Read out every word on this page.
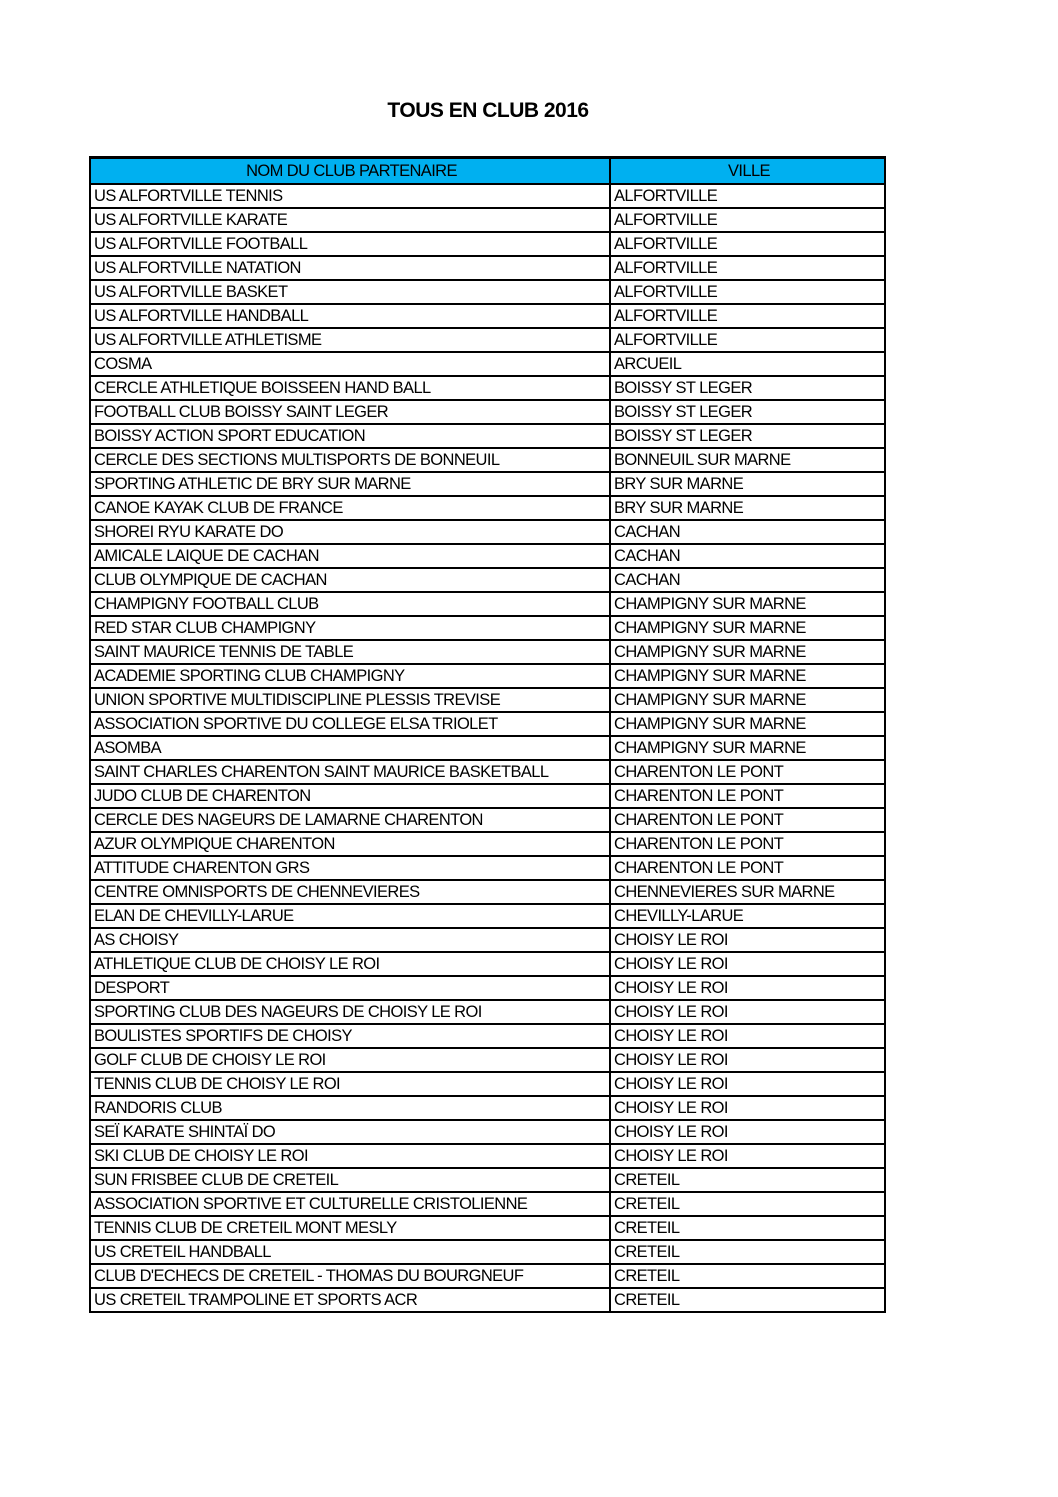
TOUS EN CLUB 2016
NOM DU CLUB PARTENAIRE	VILLE
US ALFORTVILLE TENNIS	ALFORTVILLE
US ALFORTVILLE KARATE	ALFORTVILLE
US ALFORTVILLE FOOTBALL	ALFORTVILLE
US ALFORTVILLE NATATION	ALFORTVILLE
US ALFORTVILLE BASKET	ALFORTVILLE
US ALFORTVILLE HANDBALL	ALFORTVILLE
US ALFORTVILLE ATHLETISME	ALFORTVILLE
COSMA	ARCUEIL
CERCLE ATHLETIQUE BOISSEEN HAND BALL	BOISSY ST LEGER
FOOTBALL CLUB BOISSY SAINT LEGER	BOISSY ST LEGER
BOISSY ACTION SPORT EDUCATION	BOISSY ST LEGER
CERCLE DES SECTIONS MULTISPORTS DE BONNEUIL	BONNEUIL SUR MARNE
SPORTING ATHLETIC DE BRY SUR MARNE	BRY SUR MARNE
CANOE KAYAK CLUB DE FRANCE	BRY SUR MARNE
SHOREI RYU KARATE DO	CACHAN
AMICALE LAIQUE DE CACHAN	CACHAN
CLUB OLYMPIQUE DE CACHAN	CACHAN
CHAMPIGNY FOOTBALL CLUB	CHAMPIGNY SUR MARNE
RED STAR CLUB CHAMPIGNY	CHAMPIGNY SUR MARNE
SAINT MAURICE TENNIS DE TABLE	CHAMPIGNY SUR MARNE
ACADEMIE SPORTING CLUB CHAMPIGNY	CHAMPIGNY SUR MARNE
UNION SPORTIVE MULTIDISCIPLINE PLESSIS TREVISE	CHAMPIGNY SUR MARNE
ASSOCIATION SPORTIVE DU COLLEGE ELSA TRIOLET	CHAMPIGNY SUR MARNE
ASOMBA	CHAMPIGNY SUR MARNE
SAINT CHARLES CHARENTON SAINT MAURICE BASKETBALL	CHARENTON LE PONT
JUDO CLUB DE CHARENTON	CHARENTON LE PONT
CERCLE DES NAGEURS DE LAMARNE CHARENTON	CHARENTON LE PONT
AZUR OLYMPIQUE CHARENTON	CHARENTON LE PONT
ATTITUDE CHARENTON GRS	CHARENTON LE PONT
CENTRE OMNISPORTS DE CHENNEVIERES	CHENNEVIERES SUR MARNE
ELAN DE CHEVILLY-LARUE	CHEVILLY-LARUE
AS CHOISY	CHOISY LE ROI
ATHLETIQUE CLUB DE CHOISY LE ROI	CHOISY LE ROI
DESPORT	CHOISY LE ROI
SPORTING CLUB DES NAGEURS DE CHOISY LE ROI	CHOISY LE ROI
BOULISTES SPORTIFS DE CHOISY	CHOISY LE ROI
GOLF CLUB DE CHOISY LE ROI	CHOISY LE ROI
TENNIS CLUB DE CHOISY LE ROI	CHOISY LE ROI
RANDORIS CLUB	CHOISY LE ROI
SEÏ KARATE SHINTAÏ DO	CHOISY LE ROI
SKI CLUB DE CHOISY LE ROI	CHOISY LE ROI
SUN FRISBEE CLUB DE CRETEIL	CRETEIL
ASSOCIATION SPORTIVE ET CULTURELLE CRISTOLIENNE	CRETEIL
TENNIS CLUB DE CRETEIL MONT MESLY	CRETEIL
US CRETEIL HANDBALL	CRETEIL
CLUB D'ECHECS DE CRETEIL - THOMAS DU BOURGNEUF	CRETEIL
US CRETEIL TRAMPOLINE ET SPORTS ACR	CRETEIL
